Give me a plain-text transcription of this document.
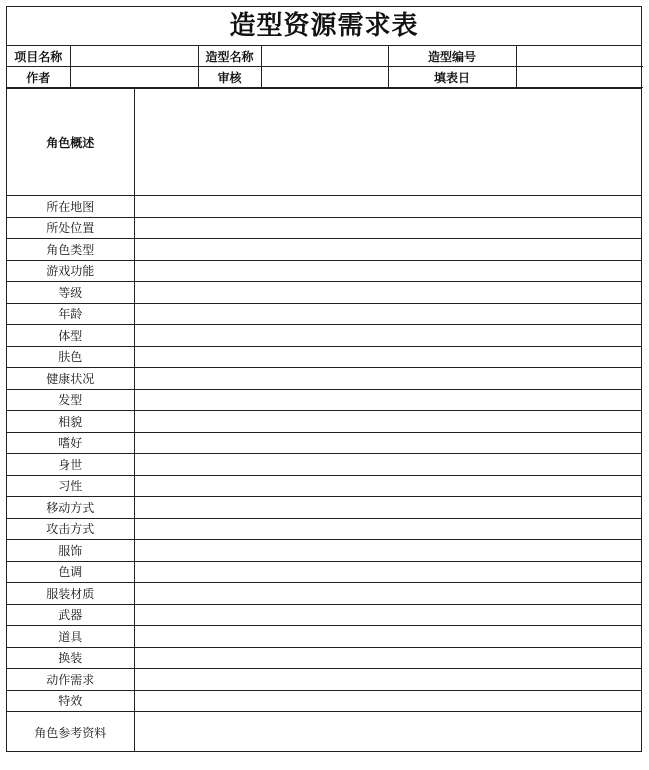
造型资源需求表
项目名称		造型名称		造型编号	
作者		审核		填表日	
角色概述	
所在地图	
所处位置	
角色类型	
游戏功能	
等级	
年龄	
体型	
肤色	
健康状况	
发型	
相貌	
嗜好	
身世	
习性	
移动方式	
攻击方式	
服饰	
色调	
服装材质	
武器	
道具	
换装	
动作需求	
特效	
角色参考资料	
